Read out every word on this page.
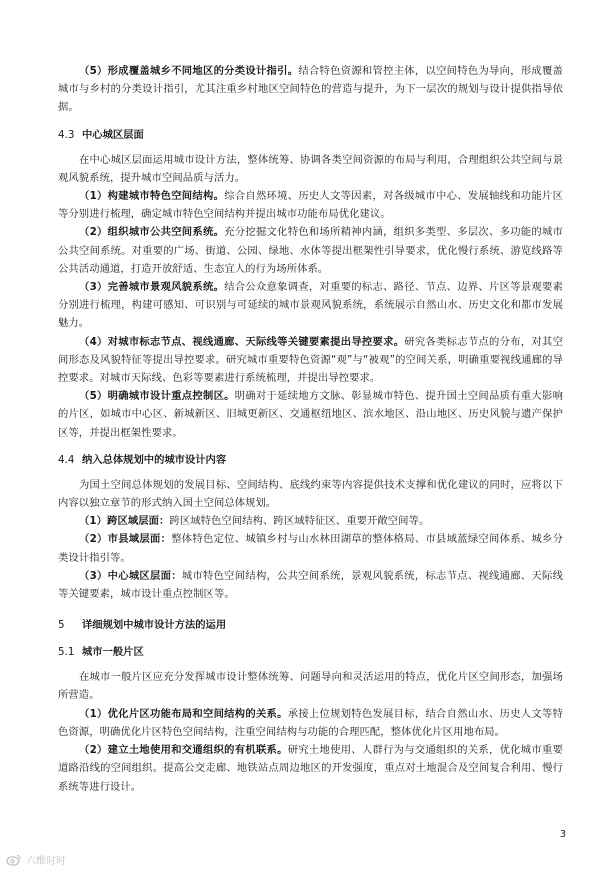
（5）形成覆盖城乡不同地区的分类设计指引。结合特色资源和管控主体，以空间特色为导向，形成覆盖城市与乡村的分类设计指引，尤其注重乡村地区空间特色的营造与提升，为下一层次的规划与设计提供指导依据。

4.3 中心城区层面

在中心城区层面运用城市设计方法，整体统筹、协调各类空间资源的布局与利用，合理组织公共空间与景观风貌系统，提升城市空间品质与活力。

（1）构建城市特色空间结构。综合自然环境、历史人文等因素，对各级城市中心、发展轴线和功能片区等分别进行梳理，确定城市特色空间结构并提出城市功能布局优化建议。

（2）组织城市公共空间系统。充分挖掘文化特色和场所精神内涵，组织多类型、多层次、多功能的城市公共空间系统。对重要的广场、街道、公园、绿地、水体等提出框架性引导要求，优化慢行系统、游览线路等公共活动通道，打造开放舒适、生态宜人的行为场所体系。

（3）完善城市景观风貌系统。结合公众意象调查，对重要的标志、路径、节点、边界、片区等景观要素分别进行梳理，构建可感知、可识别与可延续的城市景观风貌系统，系统展示自然山水、历史文化和都市发展魅力。

（4）对城市标志节点、视线通廊、天际线等关键要素提出导控要求。研究各类标志节点的分布，对其空间形态及风貌特征等提出导控要求。研究城市重要特色资源“观”与“被观”的空间关系，明确重要视线通廊的导控要求。对城市天际线、色彩等要素进行系统梳理，并提出导控要求。

（5）明确城市设计重点控制区。明确对于延续地方文脉、彰显城市特色、提升国土空间品质有重大影响的片区，如城市中心区、新城新区、旧城更新区、交通枢纽地区、滨水地区、沿山地区、历史风貌与遗产保护区等，并提出框架性要求。

4.4 纳入总体规划中的城市设计内容

为国土空间总体规划的发展目标、空间结构、底线约束等内容提供技术支撑和优化建议的同时，应将以下内容以独立章节的形式纳入国土空间总体规划。

（1）跨区域层面：跨区域特色空间结构、跨区域特征区、重要开敞空间等。

（2）市县域层面：整体特色定位、城镇乡村与山水林田湖草的整体格局、市县域蓝绿空间体系、城乡分类设计指引等。

（3）中心城区层面：城市特色空间结构，公共空间系统，景观风貌系统，标志节点、视线通廊、天际线等关键要素，城市设计重点控制区等。

5 详细规划中城市设计方法的运用

5.1 城市一般片区

在城市一般片区应充分发挥城市设计整体统筹、问题导向和灵活运用的特点，优化片区空间形态，加强场所营造。

（1）优化片区功能布局和空间结构的关系。承接上位规划特色发展目标，结合自然山水、历史人文等特色资源，明确优化片区特色空间结构，注重空间结构与功能的合理匹配，整体优化片区用地布局。

（2）建立土地使用和交通组织的有机联系。研究土地使用、人群行为与交通组织的关系，优化城市重要道路沿线的空间组织。提高公交走廊、地铁站点周边地区的开发强度，重点对土地混合及空间复合利用、慢行系统等进行设计。

3
六维时时
